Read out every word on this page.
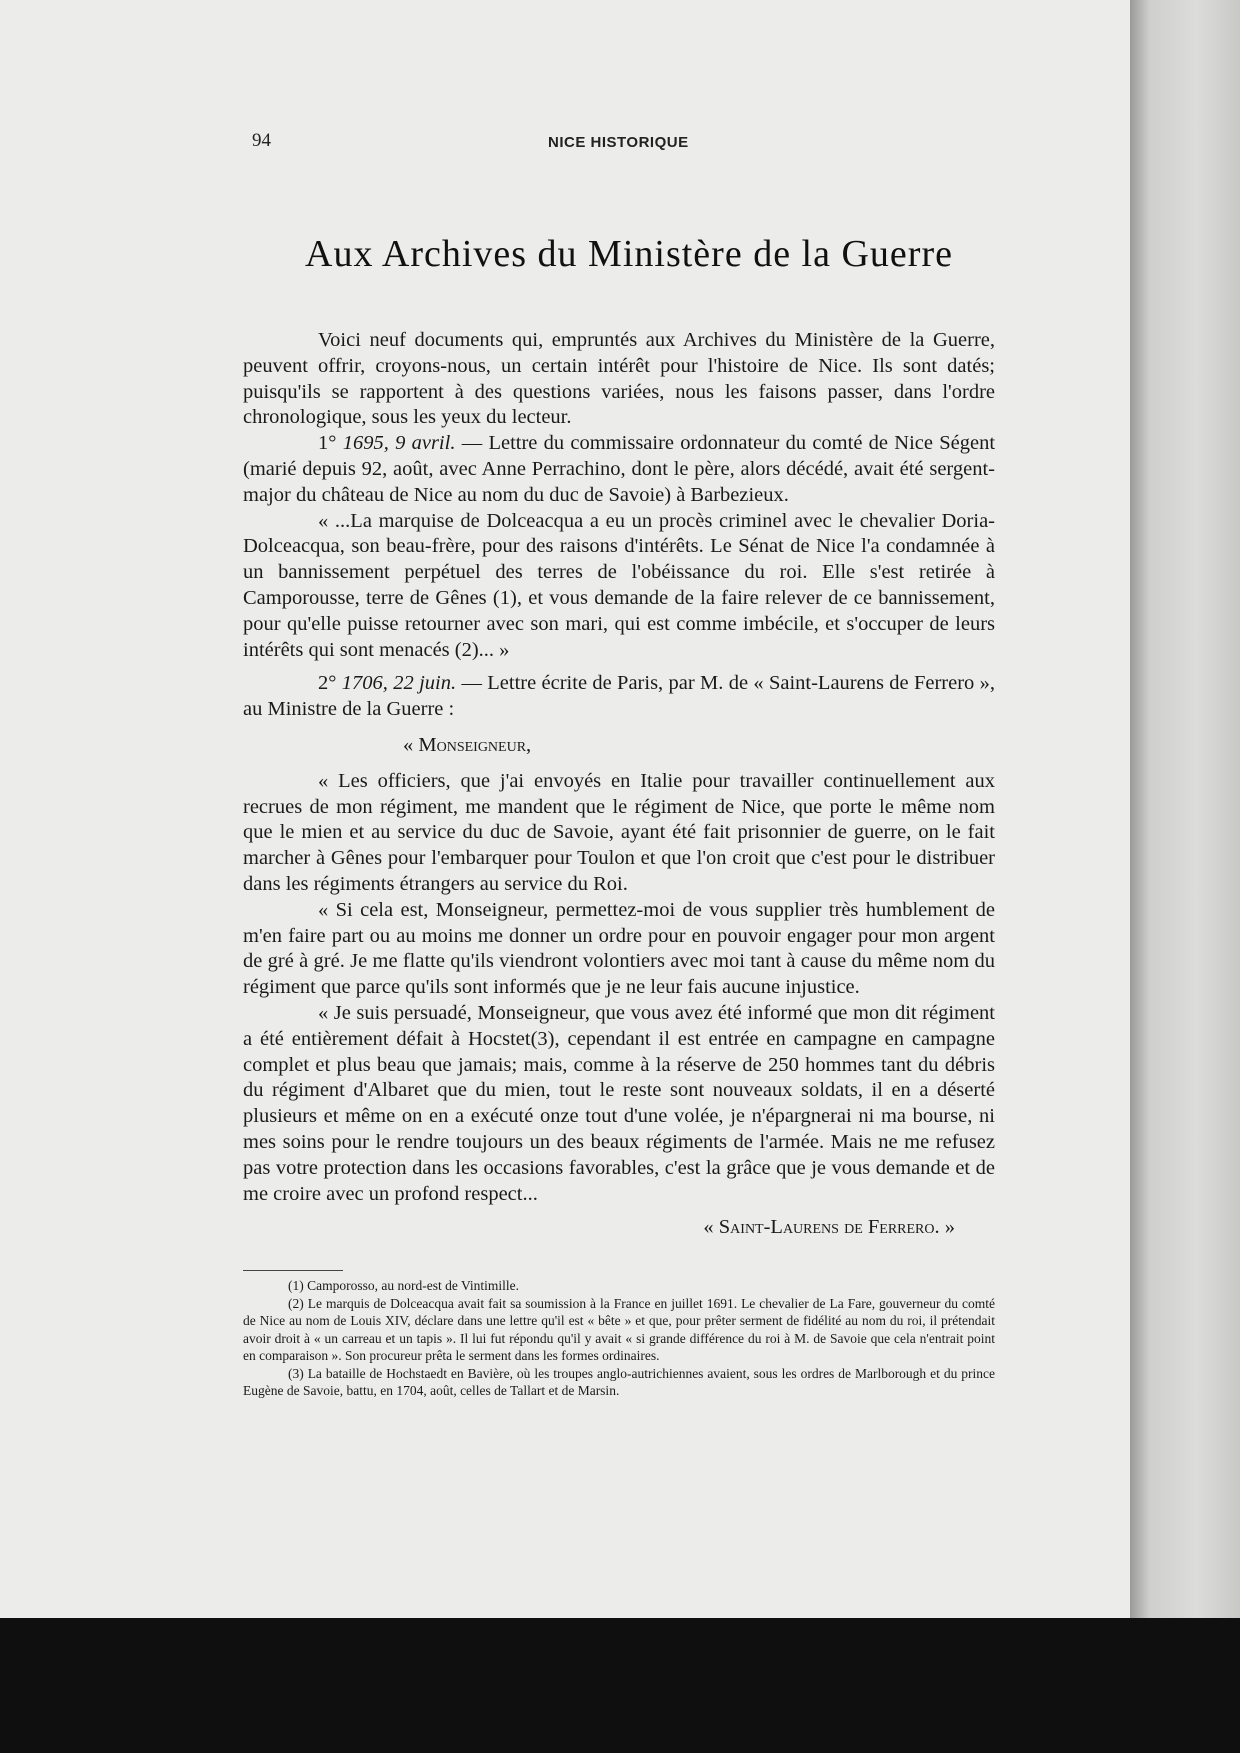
94	NICE HISTORIQUE
Aux Archives du Ministère de la Guerre

Voici neuf documents qui, empruntés aux Archives du Ministère de la Guerre, peuvent offrir, croyons-nous, un certain intérêt pour l'histoire de Nice. Ils sont datés; puisqu'ils se rapportent à des questions variées, nous les faisons passer, dans l'ordre chronologique, sous les yeux du lecteur.

1° 1695, 9 avril. — Lettre du commissaire ordonnateur du comté de Nice Ségent (marié depuis 92, août, avec Anne Perrachino, dont le père, alors décédé, avait été sergent-major du château de Nice au nom du duc de Savoie) à Barbezieux.

« ...La marquise de Dolceacqua a eu un procès criminel avec le chevalier Doria-Dolceacqua, son beau-frère, pour des raisons d'intérêts. Le Sénat de Nice l'a condamnée à un bannissement perpétuel des terres de l'obéissance du roi. Elle s'est retirée à Camporousse, terre de Gênes (1), et vous demande de la faire relever de ce bannissement, pour qu'elle puisse retourner avec son mari, qui est comme imbécile, et s'occuper de leurs intérêts qui sont menacés (2)... »

2° 1706, 22 juin. — Lettre écrite de Paris, par M. de « Saint-Laurens de Ferrero », au Ministre de la Guerre :

« Monseigneur,

« Les officiers, que j'ai envoyés en Italie pour travailler continuellement aux recrues de mon régiment, me mandent que le régiment de Nice, que porte le même nom que le mien et au service du duc de Savoie, ayant été fait prisonnier de guerre, on le fait marcher à Gênes pour l'embarquer pour Toulon et que l'on croit que c'est pour le distribuer dans les régiments étrangers au service du Roi.

« Si cela est, Monseigneur, permettez-moi de vous supplier très humblement de m'en faire part ou au moins me donner un ordre pour en pouvoir engager pour mon argent de gré à gré. Je me flatte qu'ils viendront volontiers avec moi tant à cause du même nom du régiment que parce qu'ils sont informés que je ne leur fais aucune injustice.

« Je suis persuadé, Monseigneur, que vous avez été informé que mon dit régiment a été entièrement défait à Hocstet(3), cependant il est entrée en campagne en campagne complet et plus beau que jamais; mais, comme à la réserve de 250 hommes tant du débris du régiment d'Albaret que du mien, tout le reste sont nouveaux soldats, il en a déserté plusieurs et même on en a exécuté onze tout d'une volée, je n'épargnerai ni ma bourse, ni mes soins pour le rendre toujours un des beaux régiments de l'armée. Mais ne me refusez pas votre protection dans les occasions favorables, c'est la grâce que je vous demande et de me croire avec un profond respect...

« Saint-Laurens de Ferrero. »

(1) Camporosso, au nord-est de Vintimille.

(2) Le marquis de Dolceacqua avait fait sa soumission à la France en juillet 1691. Le chevalier de La Fare, gouverneur du comté de Nice au nom de Louis XIV, déclare dans une lettre qu'il est « bête » et que, pour prêter serment de fidélité au nom du roi, il prétendait avoir droit à « un carreau et un tapis ». Il lui fut répondu qu'il y avait « si grande différence du roi à M. de Savoie que cela n'entrait point en comparaison ». Son procureur prêta le serment dans les formes ordinaires.

(3) La bataille de Hochstaedt en Bavière, où les troupes anglo-autrichiennes avaient, sous les ordres de Marlborough et du prince Eugène de Savoie, battu, en 1704, août, celles de Tallart et de Marsin.
